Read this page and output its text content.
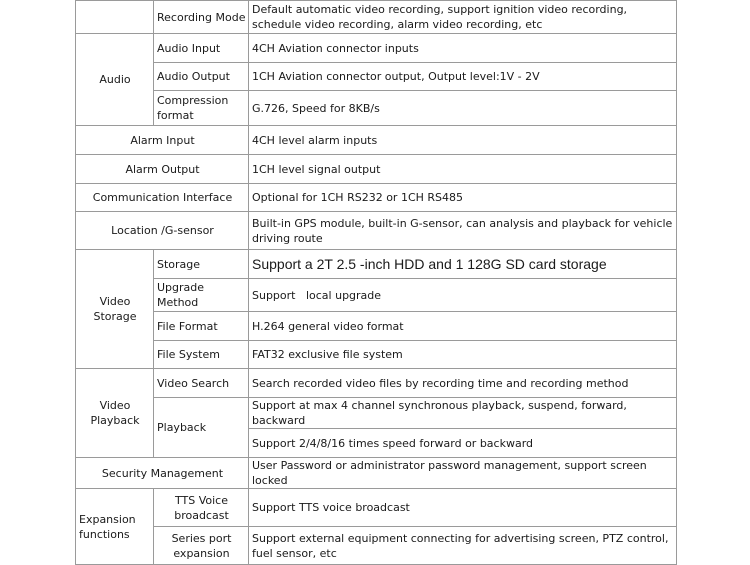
	Recording Mode	Default automatic video recording, support ignition video recording, schedule video recording, alarm video recording, etc
Audio	Audio Input	4CH Aviation connector inputs
	Audio Output	1CH Aviation connector output, Output level:1V - 2V
	Compression format	G.726, Speed for 8KB/s
Alarm Input		4CH level alarm inputs
Alarm Output		1CH level signal output
Communication Interface		Optional for 1CH RS232 or 1CH RS485
Location /G-sensor		Built-in GPS module, built-in G-sensor, can analysis and playback for vehicle driving route
Video Storage	Storage	Support a 2T 2.5 -inch HDD and 1 128G SD card storage
	Upgrade Method	Support   local upgrade
	File Format	H.264 general video format
	File System	FAT32 exclusive file system
Video Playback	Video Search	Search recorded video files by recording time and recording method
	Playback	Support at max 4 channel synchronous playback, suspend, forward, backward
		Support 2/4/8/16 times speed forward or backward
Security Management		User Password or administrator password management, support screen locked
Expansion functions	TTS Voice broadcast	Support TTS voice broadcast
	Series port expansion	Support external equipment connecting for advertising screen, PTZ control, fuel sensor, etc
